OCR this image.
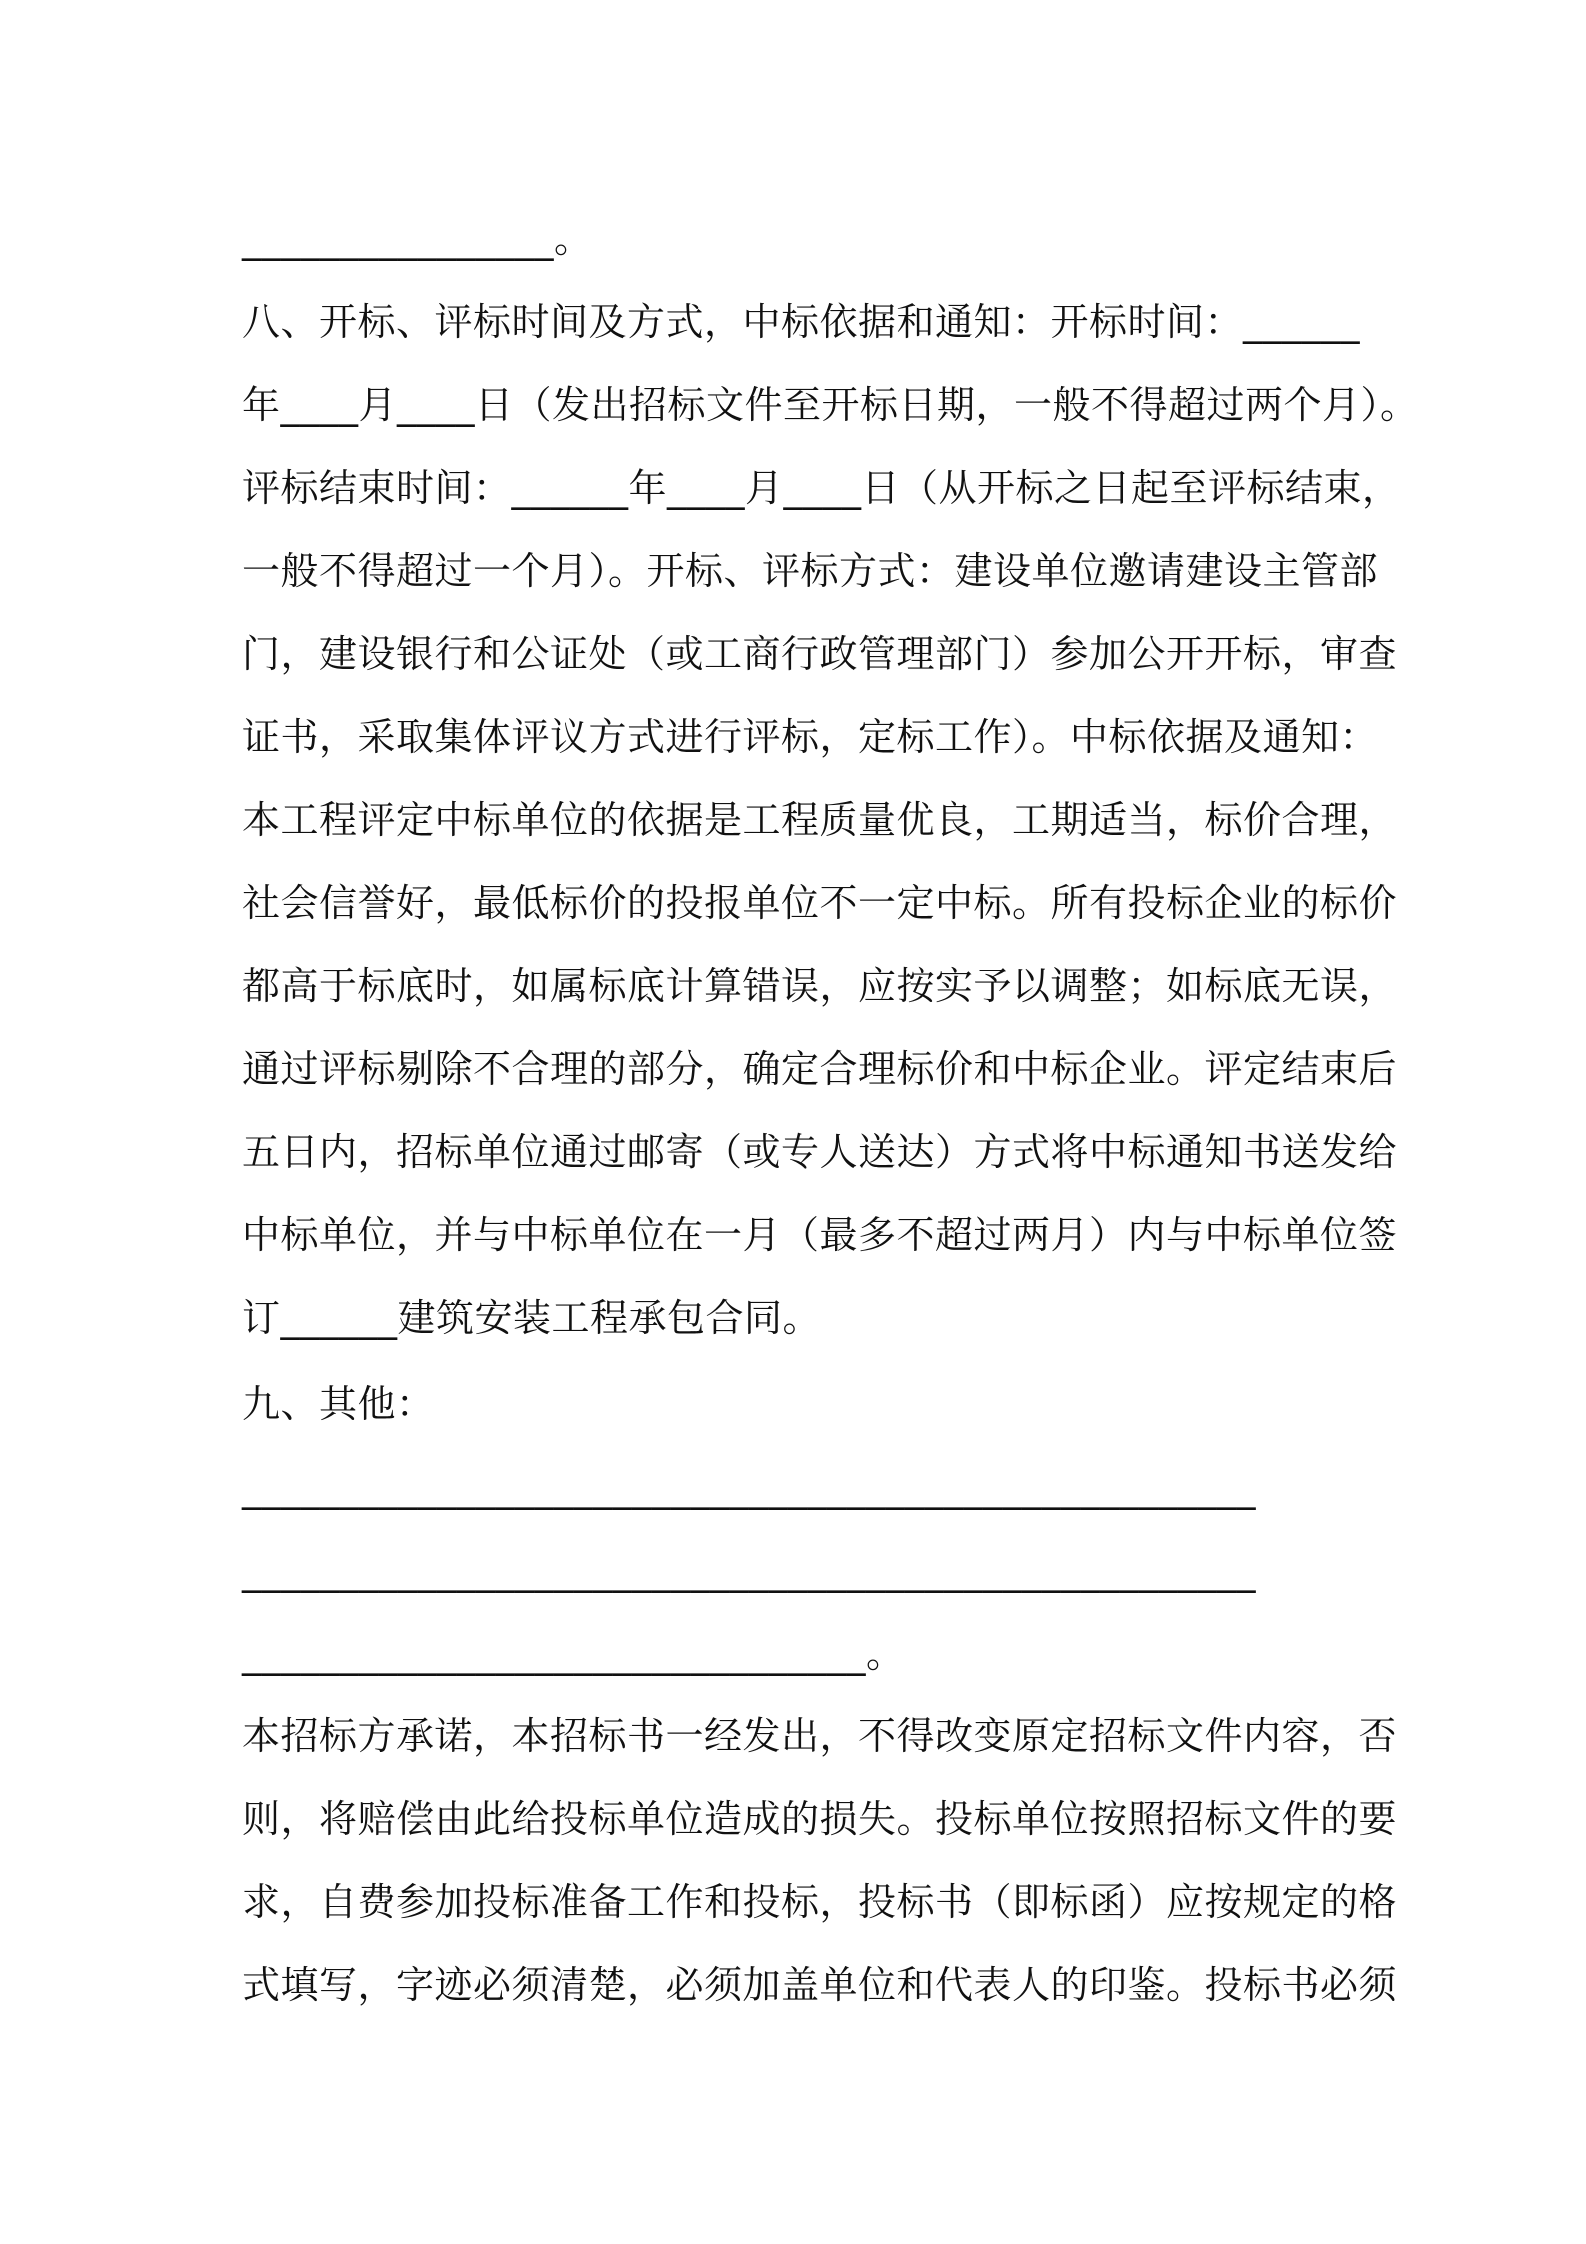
________________。
八、开标、评标时间及方式，中标依据和通知：开标时间：______
年____月____日（发出招标文件至开标日期，一般不得超过两个月）。
评标结束时间：______年____月____日（从开标之日起至评标结束，
一般不得超过一个月）。开标、评标方式：建设单位邀请建设主管部
门，建设银行和公证处（或工商行政管理部门）参加公开开标，审查
证书，采取集体评议方式进行评标，定标工作）。中标依据及通知：
本工程评定中标单位的依据是工程质量优良，工期适当，标价合理，
社会信誉好，最低标价的投报单位不一定中标。所有投标企业的标价
都高于标底时，如属标底计算错误，应按实予以调整；如标底无误，
通过评标剔除不合理的部分，确定合理标价和中标企业。评定结束后
五日内，招标单位通过邮寄（或专人送达）方式将中标通知书送发给
中标单位，并与中标单位在一月（最多不超过两月）内与中标单位签
订______建筑安装工程承包合同。
九、其他：
____________________________________________________
____________________________________________________
________________________________。
本招标方承诺，本招标书一经发出，不得改变原定招标文件内容，否
则，将赔偿由此给投标单位造成的损失。投标单位按照招标文件的要
求，自费参加投标准备工作和投标，投标书（即标函）应按规定的格
式填写，字迹必须清楚，必须加盖单位和代表人的印鉴。投标书必须
